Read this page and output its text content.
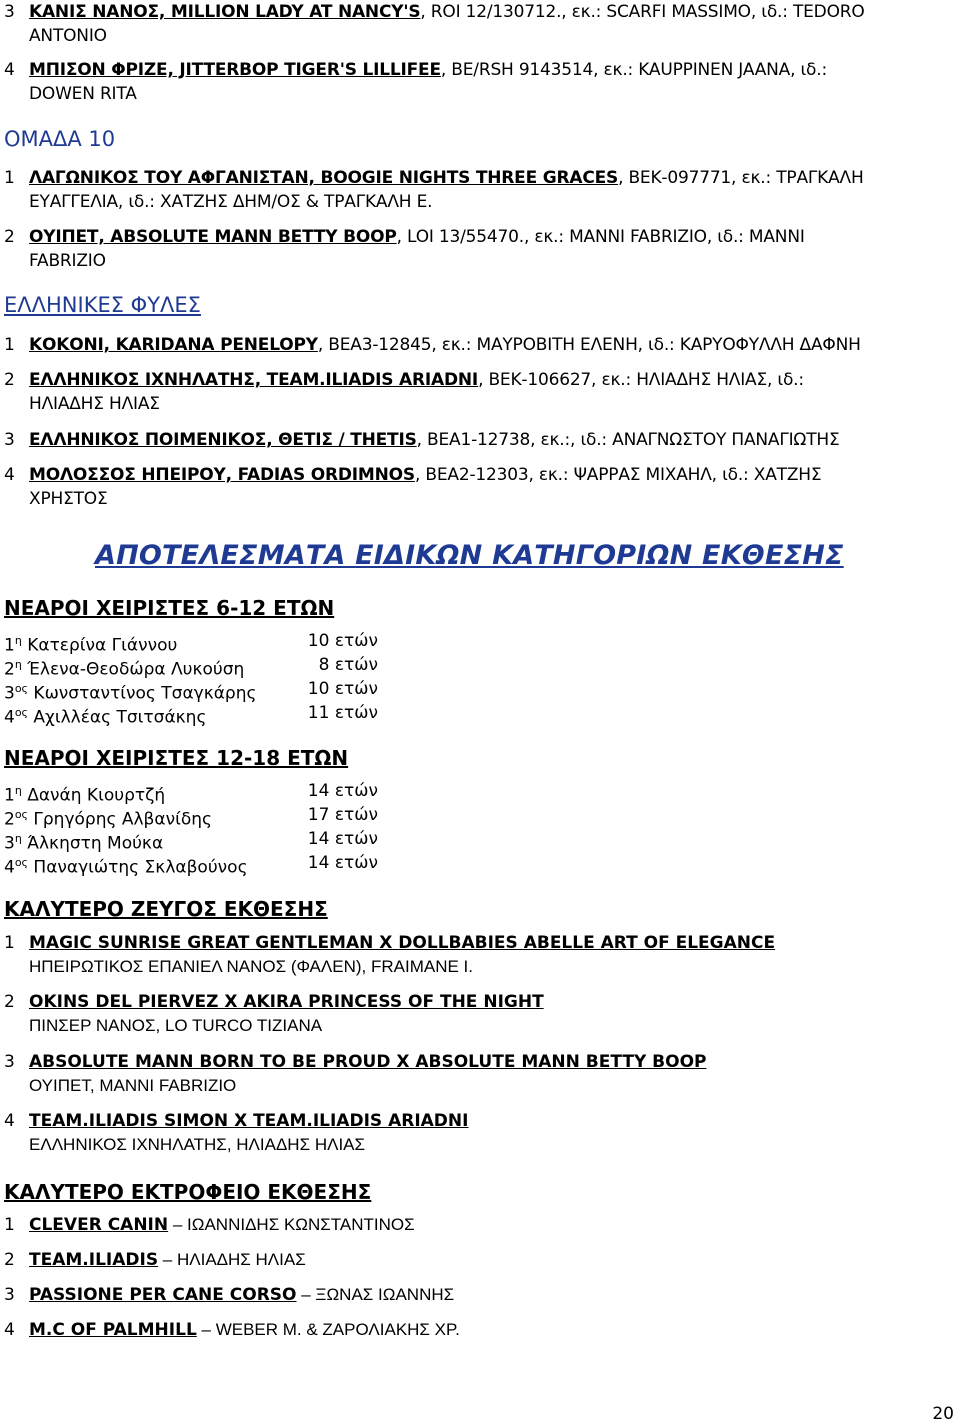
3 ΚΑΝΙΣ ΝΑΝΟΣ, MILLION LADY AT NANCY'S, ROI 12/130712., εκ.: SCARFI MASSIMO, ιδ.: TEDORO
ANTONIO
4 ΜΠΙΣΟΝ ΦΡΙΖΕ, JITTERBOP TIGER'S LILLIFEE, BE/RSH 9143514, εκ.: KAUPPINEN JAANA, ιδ.:
DOWEN RITA
ΟΜΑΔΑ 10
1 ΛΑΓΩΝΙΚΟΣ ΤΟΥ ΑΦΓΑΝΙΣΤΑΝ, BOOGIE NIGHTS THREE GRACES, ΒΕΚ-097771, εκ.: ΤΡΑΓΚΑΛΗ
ΕΥΑΓΓΕΛΙΑ, ιδ.: ΧΑΤΖΗΣ ΔΗΜ/ΟΣ & ΤΡΑΓΚΑΛΗ Ε.
2 ΟΥΙΠΕΤ, ABSOLUTE MANN BETTY BOOP, LOI 13/55470., εκ.: MANNI FABRIZIO, ιδ.: MANNI
FABRIZIO
ΕΛΛΗΝΙΚΕΣ ΦΥΛΕΣ
1 ΚΟΚΟΝΙ, KARIDANA PENELOPY, ΒΕΑ3-12845, εκ.: ΜΑΥΡΟΒΙΤΗ ΕΛΕΝΗ, ιδ.: ΚΑΡΥΟΦΥΛΛΗ ΔΑΦΝΗ
2 ΕΛΛΗΝΙΚΟΣ ΙΧΝΗΛΑΤΗΣ, TEAM.ILIADIS ARIADNI, ΒΕΚ-106627, εκ.: ΗΛΙΑΔΗΣ ΗΛΙΑΣ, ιδ.:
ΗΛΙΑΔΗΣ ΗΛΙΑΣ
3 ΕΛΛΗΝΙΚΟΣ ΠΟΙΜΕΝΙΚΟΣ, ΘΕΤΙΣ / THETIS, ΒΕΑ1-12738, εκ.:, ιδ.: ΑΝΑΓΝΩΣΤΟΥ ΠΑΝΑΓΙΩΤΗΣ
4 ΜΟΛΟΣΣΟΣ ΗΠΕΙΡΟΥ, FADIAS ORDIMNOS, ΒΕΑ2-12303, εκ.: ΨΑΡΡΑΣ ΜΙΧΑΗΛ, ιδ.: ΧΑΤΖΗΣ
ΧΡΗΣΤΟΣ
ΑΠΟΤΕΛΕΣΜΑΤΑ ΕΙΔΙΚΩΝ ΚΑΤΗΓΟΡΙΩΝ ΕΚΘΕΣΗΣ
ΝΕΑΡΟΙ ΧΕΙΡΙΣΤΕΣ 6-12 ΕΤΩΝ
$1^\eta$ Κατερίνα Γιάννου	10 ετών
$2^\eta$ Έλενα-Θεοδώρα Λυκούση	8 ετών
$3^{o\varsigma}$ Κωνσταντίνος Τσαγκάρης	10 ετών
$4^{o\varsigma}$ Αχιλλέας Τσιτσάκης	11 ετών
ΝΕΑΡΟΙ ΧΕΙΡΙΣΤΕΣ 12-18 ΕΤΩΝ
$1^\eta$ Δανάη Κιουρτζή	14 ετών
$2^{o\varsigma}$ Γρηγόρης Αλβανίδης	17 ετών
$3^\eta$ Άλκηστη Μούκα	14 ετών
$4^{o\varsigma}$ Παναγιώτης Σκλαβούνος	14 ετών
ΚΑΛΥΤΕΡΟ ΖΕΥΓΟΣ ΕΚΘΕΣΗΣ
1 MAGIC SUNRISE GREAT GENTLEMAN X DOLLBABIES ABELLE ART OF ELEGANCE
ΗΠΕΙΡΩΤΙΚΟΣ ΕΠΑΝΙΕΛ ΝΑΝΟΣ (ΦΑΛΕΝ), FRAIMANE I.
2 OKINS DEL PIERVEZ X AKIRA PRINCESS OF THE NIGHT
ΠΙΝΣΕΡ ΝΑΝΟΣ, LO TURCO TIZIANA
3 ABSOLUTE MANN BORN TO BE PROUD X ABSOLUTE MANN BETTY BOOP
ΟΥΙΠΕΤ, MANNI FABRIZIO
4 TEAM.ILIADIS SIMON X TEAM.ILIADIS ARIADNI
ΕΛΛΗΝΙΚΟΣ ΙΧΝΗΛΑΤΗΣ, ΗΛΙΑΔΗΣ ΗΛΙΑΣ
ΚΑΛΥΤΕΡΟ ΕΚΤΡΟΦΕΙΟ ΕΚΘΕΣΗΣ
1 CLEVER CANIN – ΙΩΑΝΝΙΔΗΣ ΚΩΝΣΤΑΝΤΙΝΟΣ
2 TEAM.ILIADIS – ΗΛΙΑΔΗΣ ΗΛΙΑΣ
3 PASSIONE PER CANE CORSO – ΞΩΝΑΣ ΙΩΑΝΝΗΣ
4 M.C OF PALMHILL – WEBER M. & ΖΑΡΟΛΙΑΚΗΣ ΧΡ.
20
